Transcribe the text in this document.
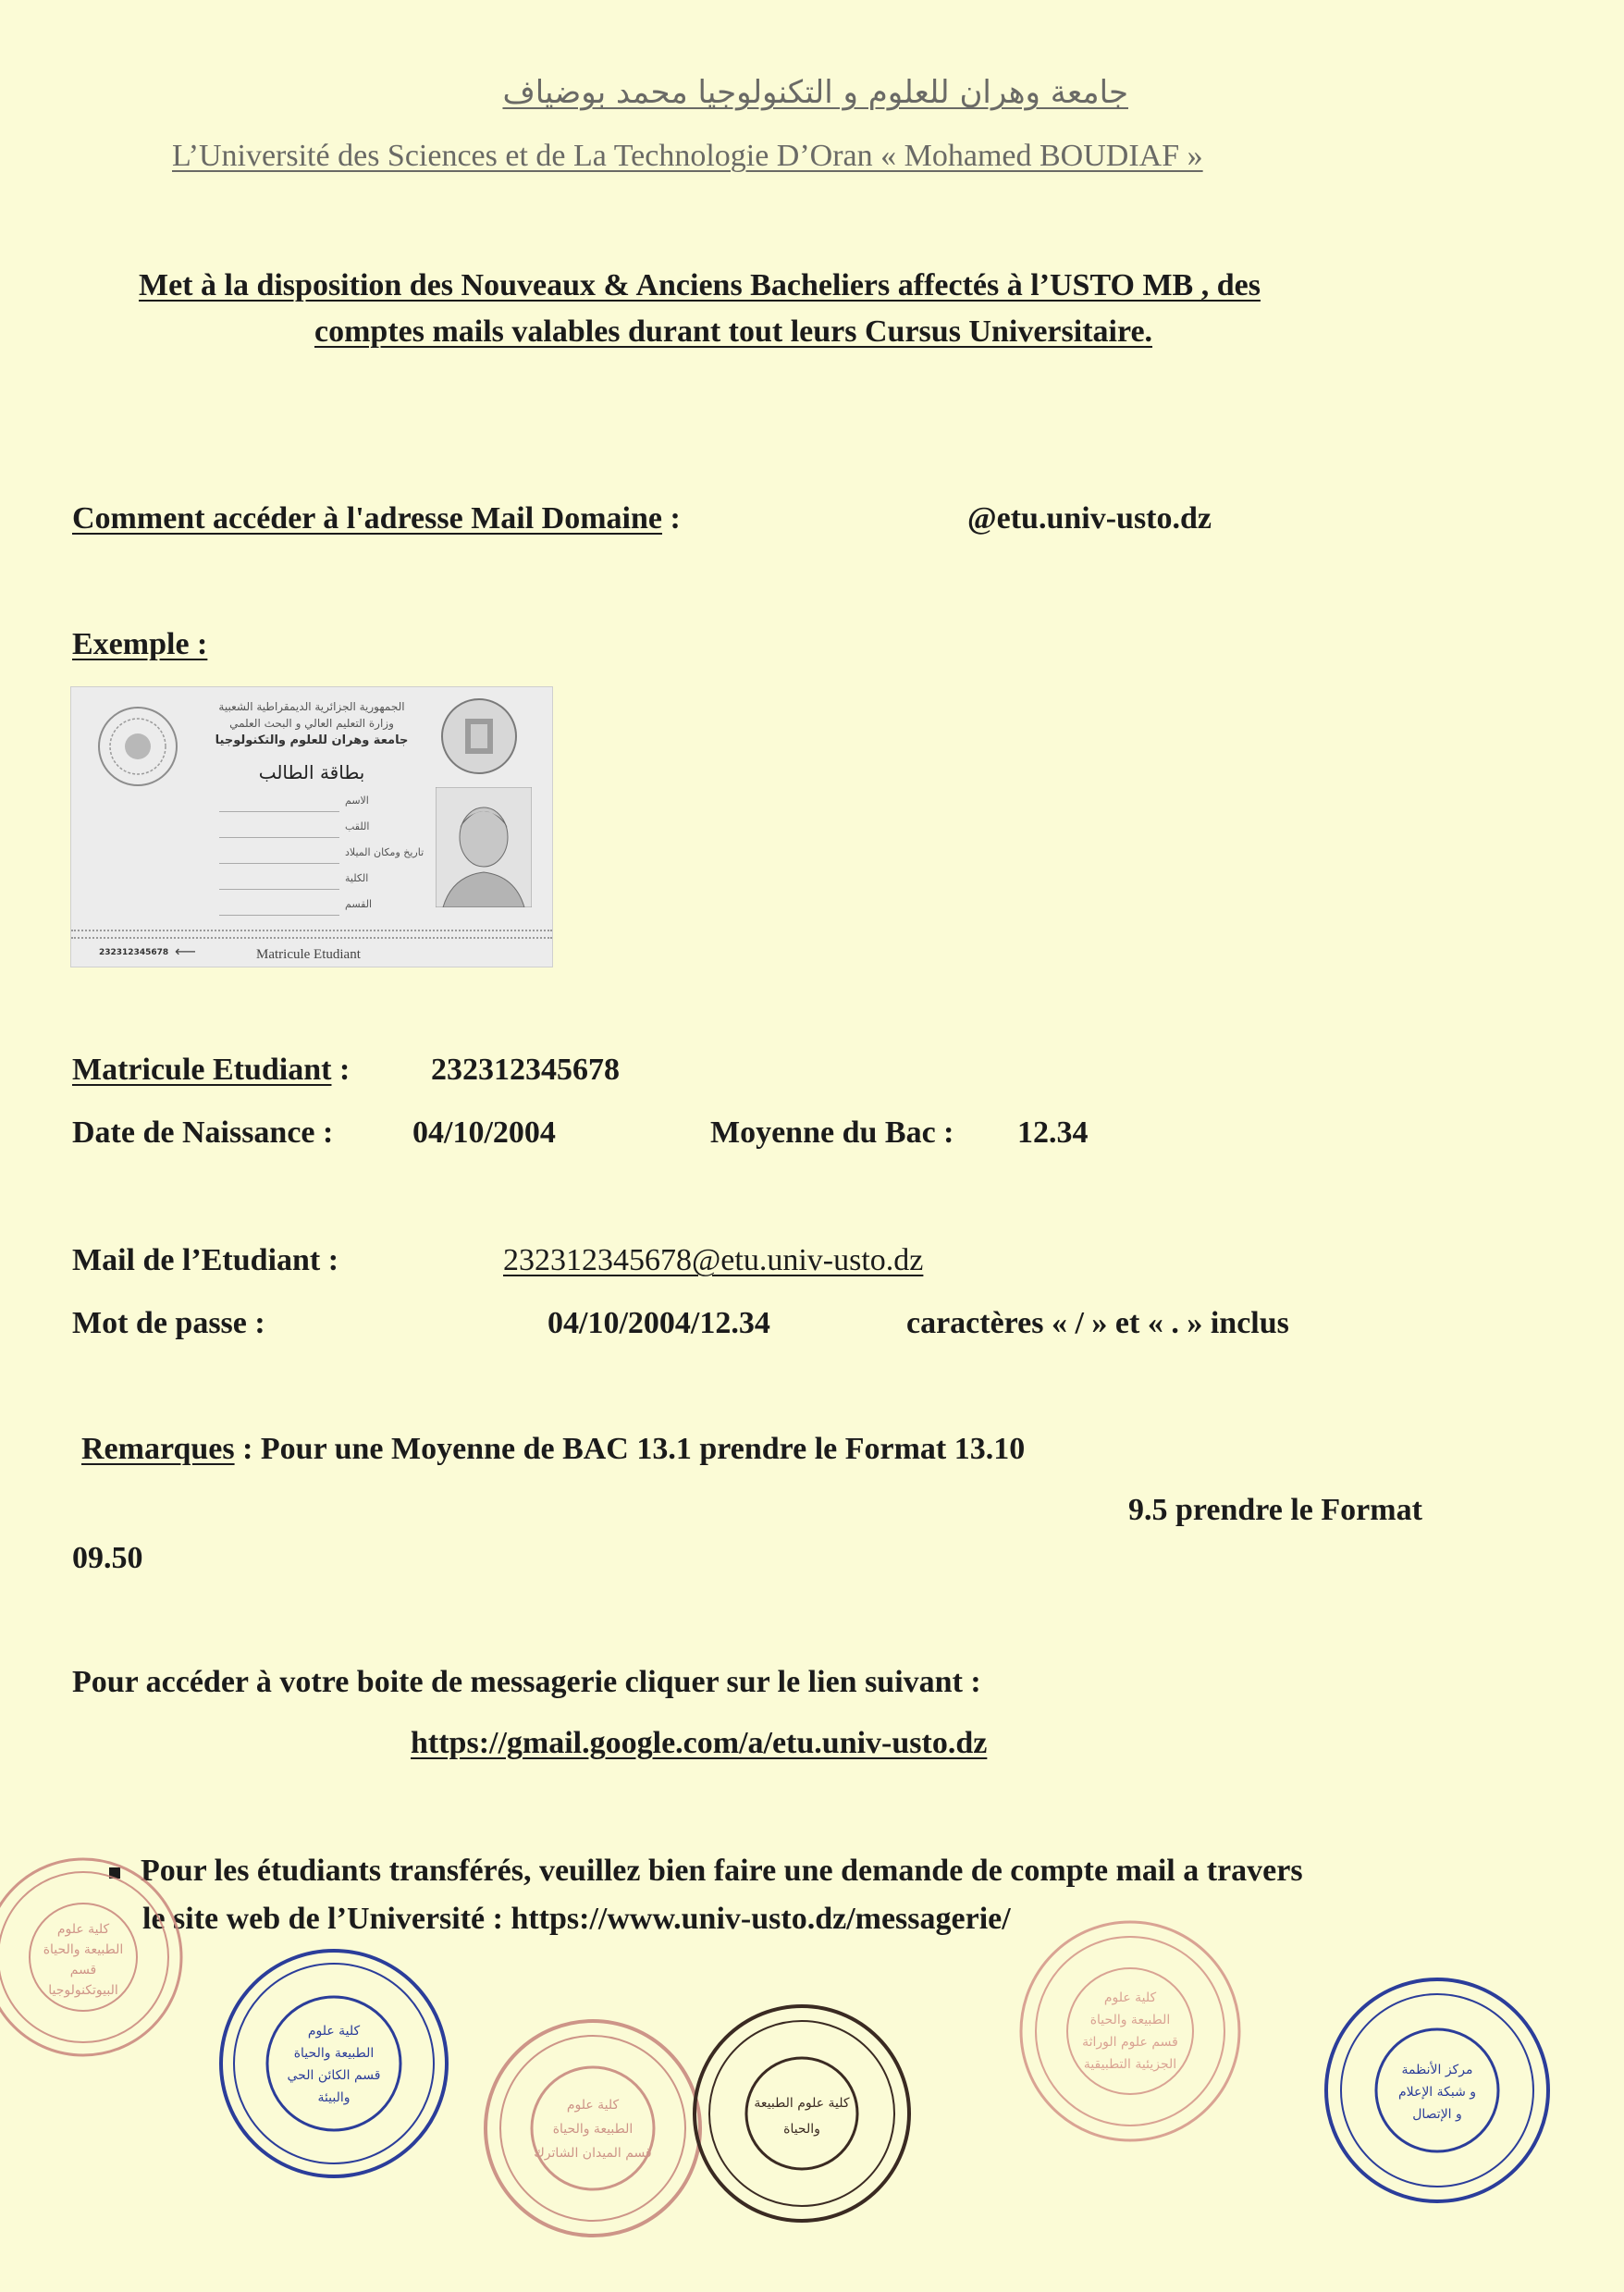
جامعة وهران للعلوم و التكنولوجيا محمد بوضياف
L’Université des Sciences et de La Technologie D’Oran « Mohamed BOUDIAF »
Met à la disposition des Nouveaux & Anciens Bacheliers affectés à l’USTO MB , des
comptes mails valables durant tout leurs Cursus Universitaire.
Comment accéder à l'adresse Mail Domaine :	@etu.univ-usto.dz
Exemple :
الجمهورية الجزائرية الديمقراطية الشعبية
وزارة التعليم العالي و البحث العلمي
جامعة وهران للعلوم والتكنولوجيا
بطاقة الطالب
الاسم
اللقب
تاريخ ومكان الميلاد
الكلية
القسم
232312345678 ⟵	Matricule Etudiant
Matricule Etudiant :	232312345678
Date de Naissance :	04/10/2004	Moyenne du Bac : 12.34
Mail de l’Etudiant :	232312345678@etu.univ-usto.dz
Mot de passe :	04/10/2004/12.34	caractères « / » et « . » inclus
Remarques : Pour une Moyenne de BAC 13.1 prendre le Format 13.10
9.5 prendre le Format
09.50
Pour accéder à votre boite de messagerie cliquer sur le lien suivant :
https://gmail.google.com/a/etu.univ-usto.dz
Pour les étudiants transférés, veuillez bien faire une demande de compte mail a travers
le site web de l’Université : https://www.univ-usto.dz/messagerie/
كلية علوم
الطبيعة والحياة
قسم
البيوتكنولوجيا
كلية علوم
الطبيعة والحياة
قسم الكائن الحي
والبيئة	كلية علوم
الطبيعة والحياة
قسم الميدان الشاترك
كلية علوم الطبيعة
والحياة
كلية علوم
الطبيعة والحياة
قسم علوم الوراثة
الجزيئية التطبيقية	مركز الأنظمة
و شبكة الإعلام
و الإتصال
